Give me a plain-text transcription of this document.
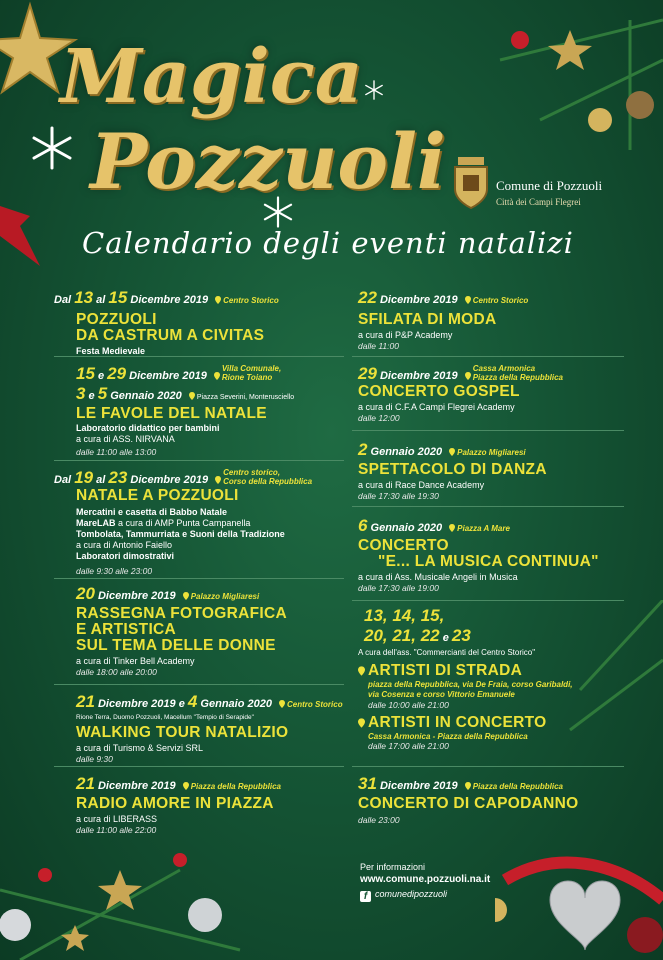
Magica
Pozzuoli	Comune di Pozzuoli
Città dei Campi Flegrei
Calendario degli eventi natalizi
Dal 13 al 15 Dicembre 2019 Centro Storico
POZZUOLI
DA CASTRUM A CIVITAS
Festa Medievale
15 e 29 Dicembre 2019 Villa Comunale,
Rione Toiano
3 e 5 Gennaio 2020 Piazza Severini, Monterusciello
LE FAVOLE DEL NATALE
Laboratorio didattico per bambini
a cura di ASS. NIRVANA
dalle 11:00 alle 13:00
Dal 19 al 23 Dicembre 2019 Centro storico,
Corso della Repubblica
NATALE A POZZUOLI
Mercatini e casetta di Babbo Natale
MareLAB a cura di AMP Punta Campanella
Tombolata, Tammurriata e Suoni della Tradizione
a cura di Antonio Faiello
Laboratori dimostrativi
dalle 9:30 alle 23:00
20 Dicembre 2019 Palazzo Migliaresi
RASSEGNA FOTOGRAFICA
E ARTISTICA
SUL TEMA DELLE DONNE
a cura di Tinker Bell Academy
dalle 18:00 alle 20:00
21 Dicembre 2019 e 4 Gennaio 2020 Centro Storico
Rione Terra, Duomo Pozzuoli, Macellum "Tempio di Serapide"
WALKING TOUR NATALIZIO
a cura di Turismo & Servizi SRL
dalle 9:30
21 Dicembre 2019 Piazza della Repubblica
RADIO AMORE IN PIAZZA
a cura di LIBERASS
dalle 11:00 alle 22:00
22 Dicembre 2019 Centro Storico
SFILATA DI MODA
a cura di P&P Academy
dalle 11:00
29 Dicembre 2019 Cassa Armonica
Piazza della Repubblica
CONCERTO GOSPEL
a cura di C.F.A Campi Flegrei Academy
dalle 12:00
2 Gennaio 2020 Palazzo Migliaresi
SPETTACOLO DI DANZA
a cura di Race Dance Academy
dalle 17:30 alle 19:30
6 Gennaio 2020 Piazza A Mare
CONCERTO
"E... LA MUSICA CONTINUA"
a cura di Ass. Musicale Angeli in Musica
dalle 17:30 alle 19:00
13, 14, 15,
20, 21, 22 e 23
A cura dell'ass. "Commercianti del Centro Storico"
ARTISTI DI STRADA
piazza della Repubblica, via De Fraia, corso Garibaldi,
via Cosenza e corso Vittorio Emanuele
dalle 10:00 alle 21:00
ARTISTI IN CONCERTO
Cassa Armonica - Piazza della Repubblica
dalle 17:00 alle 21:00
31 Dicembre 2019 Piazza della Repubblica
CONCERTO DI CAPODANNO
dalle 23:00
Per informazioni
www.comune.pozzuoli.na.it
f comunedipozzuoli
